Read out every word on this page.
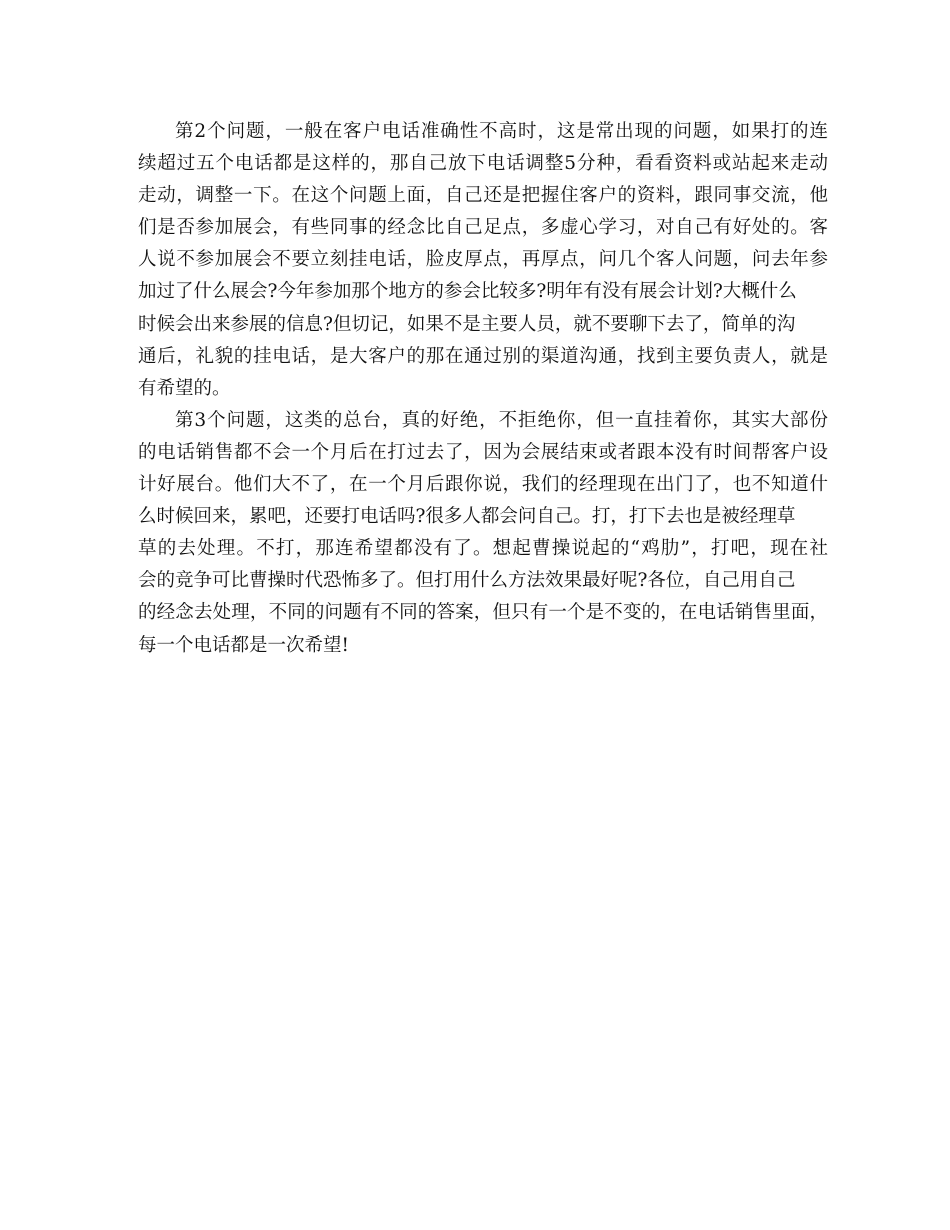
第2个问题，一般在客户电话准确性不高时，这是常出现的问题，如果打的连
续超过五个电话都是这样的，那自己放下电话调整5分种，看看资料或站起来走动
走动，调整一下。在这个问题上面，自己还是把握住客户的资料，跟同事交流，他
们是否参加展会，有些同事的经念比自己足点，多虚心学习，对自己有好处的。客
人说不参加展会不要立刻挂电话，脸皮厚点，再厚点，问几个客人问题，问去年参
加过了什么展会?今年参加那个地方的参会比较多?明年有没有展会计划?大概什么
时候会出来参展的信息?但切记，如果不是主要人员，就不要聊下去了，简单的沟
通后，礼貌的挂电话，是大客户的那在通过别的渠道沟通，找到主要负责人，就是
有希望的。
第3个问题，这类的总台，真的好绝，不拒绝你，但一直挂着你，其实大部份
的电话销售都不会一个月后在打过去了，因为会展结束或者跟本没有时间帮客户设
计好展台。他们大不了，在一个月后跟你说，我们的经理现在出门了，也不知道什
么时候回来，累吧，还要打电话吗?很多人都会问自己。打，打下去也是被经理草
草的去处理。不打，那连希望都没有了。想起曹操说起的“鸡肋”，打吧，现在社
会的竞争可比曹操时代恐怖多了。但打用什么方法效果最好呢?各位，自己用自己
的经念去处理，不同的问题有不同的答案，但只有一个是不变的，在电话销售里面，
每一个电话都是一次希望!
